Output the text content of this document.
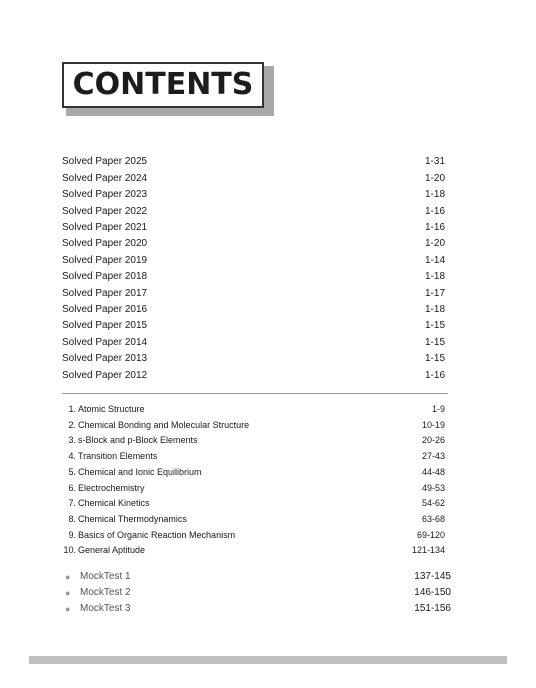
CONTENTS
Solved Paper 2025	1-31
Solved Paper 2024	1-20
Solved Paper 2023	1-18
Solved Paper 2022	1-16
Solved Paper 2021	1-16
Solved Paper 2020	1-20
Solved Paper 2019	1-14
Solved Paper 2018	1-18
Solved Paper 2017	1-17
Solved Paper 2016	1-18
Solved Paper 2015	1-15
Solved Paper 2014	1-15
Solved Paper 2013	1-15
Solved Paper 2012	1-16
1. Atomic Structure	1-9
2. Chemical Bonding and Molecular Structure	10-19
3. s-Block and p-Block Elements	20-26
4. Transition Elements	27-43
5. Chemical and Ionic Equilibrium	44-48
6. Electrochemistry	49-53
7. Chemical Kinetics	54-62
8. Chemical Thermodynamics	63-68
9. Basics of Organic Reaction Mechanism	69-120
10. General Aptitude	121-134
● MockTest 1	137-145
● MockTest 2	146-150
● MockTest 3	151-156
